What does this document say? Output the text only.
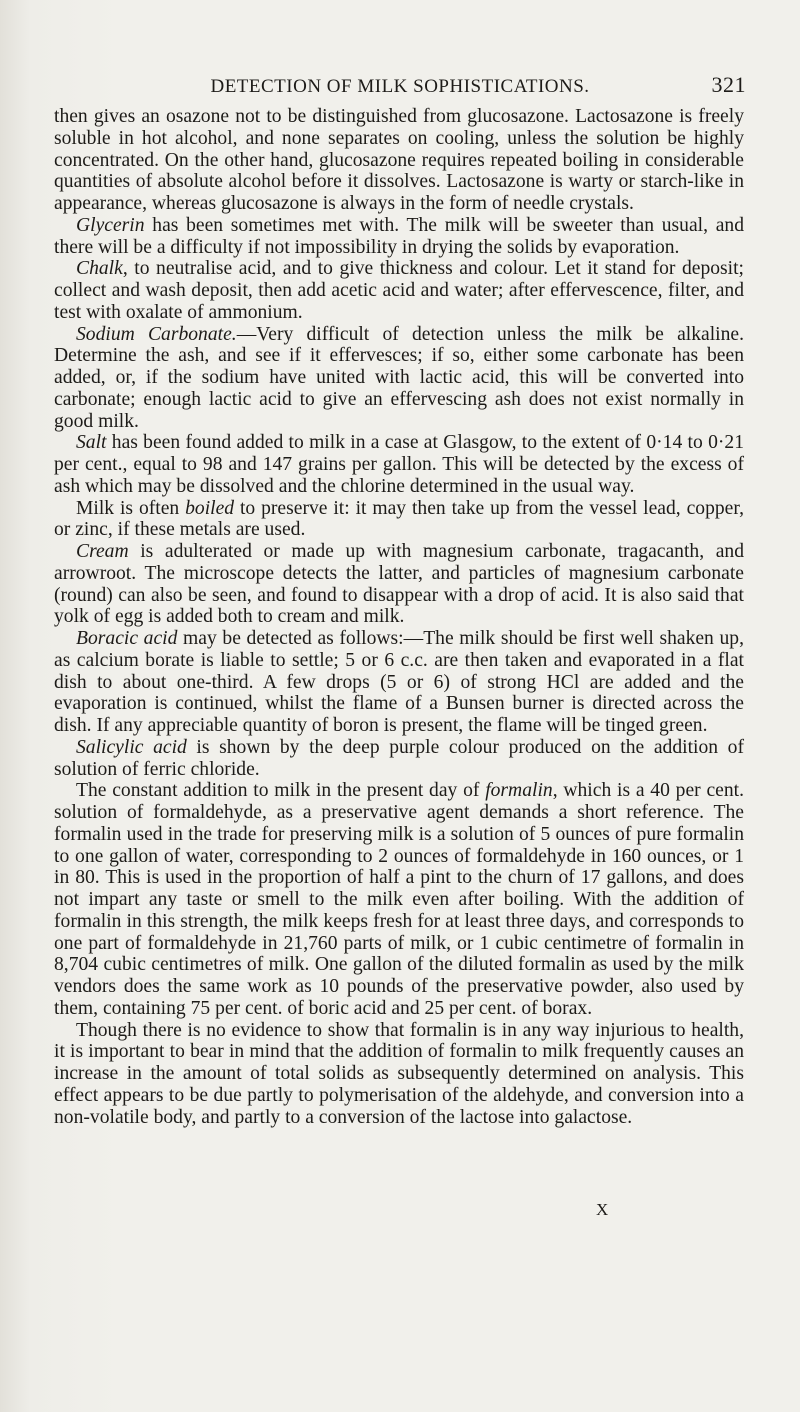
DETECTION OF MILK SOPHISTICATIONS.	321

then gives an osazone not to be distinguished from glucosazone. Lactosazone is freely soluble in hot alcohol, and none separates on cooling, unless the solution be highly concentrated. On the other hand, glucosazone requires repeated boiling in considerable quantities of absolute alcohol before it dissolves. Lactosazone is warty or starch-like in appearance, whereas glucosazone is always in the form of needle crystals.

Glycerin has been sometimes met with. The milk will be sweeter than usual, and there will be a difficulty if not impossibility in drying the solids by evaporation.

Chalk, to neutralise acid, and to give thickness and colour. Let it stand for deposit; collect and wash deposit, then add acetic acid and water; after effervescence, filter, and test with oxalate of ammonium.

Sodium Carbonate.—Very difficult of detection unless the milk be alkaline. Determine the ash, and see if it effervesces; if so, either some carbonate has been added, or, if the sodium have united with lactic acid, this will be converted into carbonate; enough lactic acid to give an effervescing ash does not exist normally in good milk.

Salt has been found added to milk in a case at Glasgow, to the extent of 0·14 to 0·21 per cent., equal to 98 and 147 grains per gallon. This will be detected by the excess of ash which may be dissolved and the chlorine determined in the usual way.

Milk is often boiled to preserve it: it may then take up from the vessel lead, copper, or zinc, if these metals are used.

Cream is adulterated or made up with magnesium carbonate, tragacanth, and arrowroot. The microscope detects the latter, and particles of magnesium carbonate (round) can also be seen, and found to disappear with a drop of acid. It is also said that yolk of egg is added both to cream and milk.

Boracic acid may be detected as follows:—The milk should be first well shaken up, as calcium borate is liable to settle; 5 or 6 c.c. are then taken and evaporated in a flat dish to about one-third. A few drops (5 or 6) of strong HCl are added and the evaporation is continued, whilst the flame of a Bunsen burner is directed across the dish. If any appreciable quantity of boron is present, the flame will be tinged green.

Salicylic acid is shown by the deep purple colour produced on the addition of solution of ferric chloride.

The constant addition to milk in the present day of formalin, which is a 40 per cent. solution of formaldehyde, as a preservative agent demands a short reference. The formalin used in the trade for preserving milk is a solution of 5 ounces of pure formalin to one gallon of water, corresponding to 2 ounces of formaldehyde in 160 ounces, or 1 in 80. This is used in the proportion of half a pint to the churn of 17 gallons, and does not impart any taste or smell to the milk even after boiling. With the addition of formalin in this strength, the milk keeps fresh for at least three days, and corresponds to one part of formaldehyde in 21,760 parts of milk, or 1 cubic centimetre of formalin in 8,704 cubic centimetres of milk. One gallon of the diluted formalin as used by the milk vendors does the same work as 10 pounds of the preservative powder, also used by them, containing 75 per cent. of boric acid and 25 per cent. of borax.

Though there is no evidence to show that formalin is in any way injurious to health, it is important to bear in mind that the addition of formalin to milk frequently causes an increase in the amount of total solids as subsequently determined on analysis. This effect appears to be due partly to polymerisation of the aldehyde, and conversion into a non-volatile body, and partly to a conversion of the lactose into galactose.

X
